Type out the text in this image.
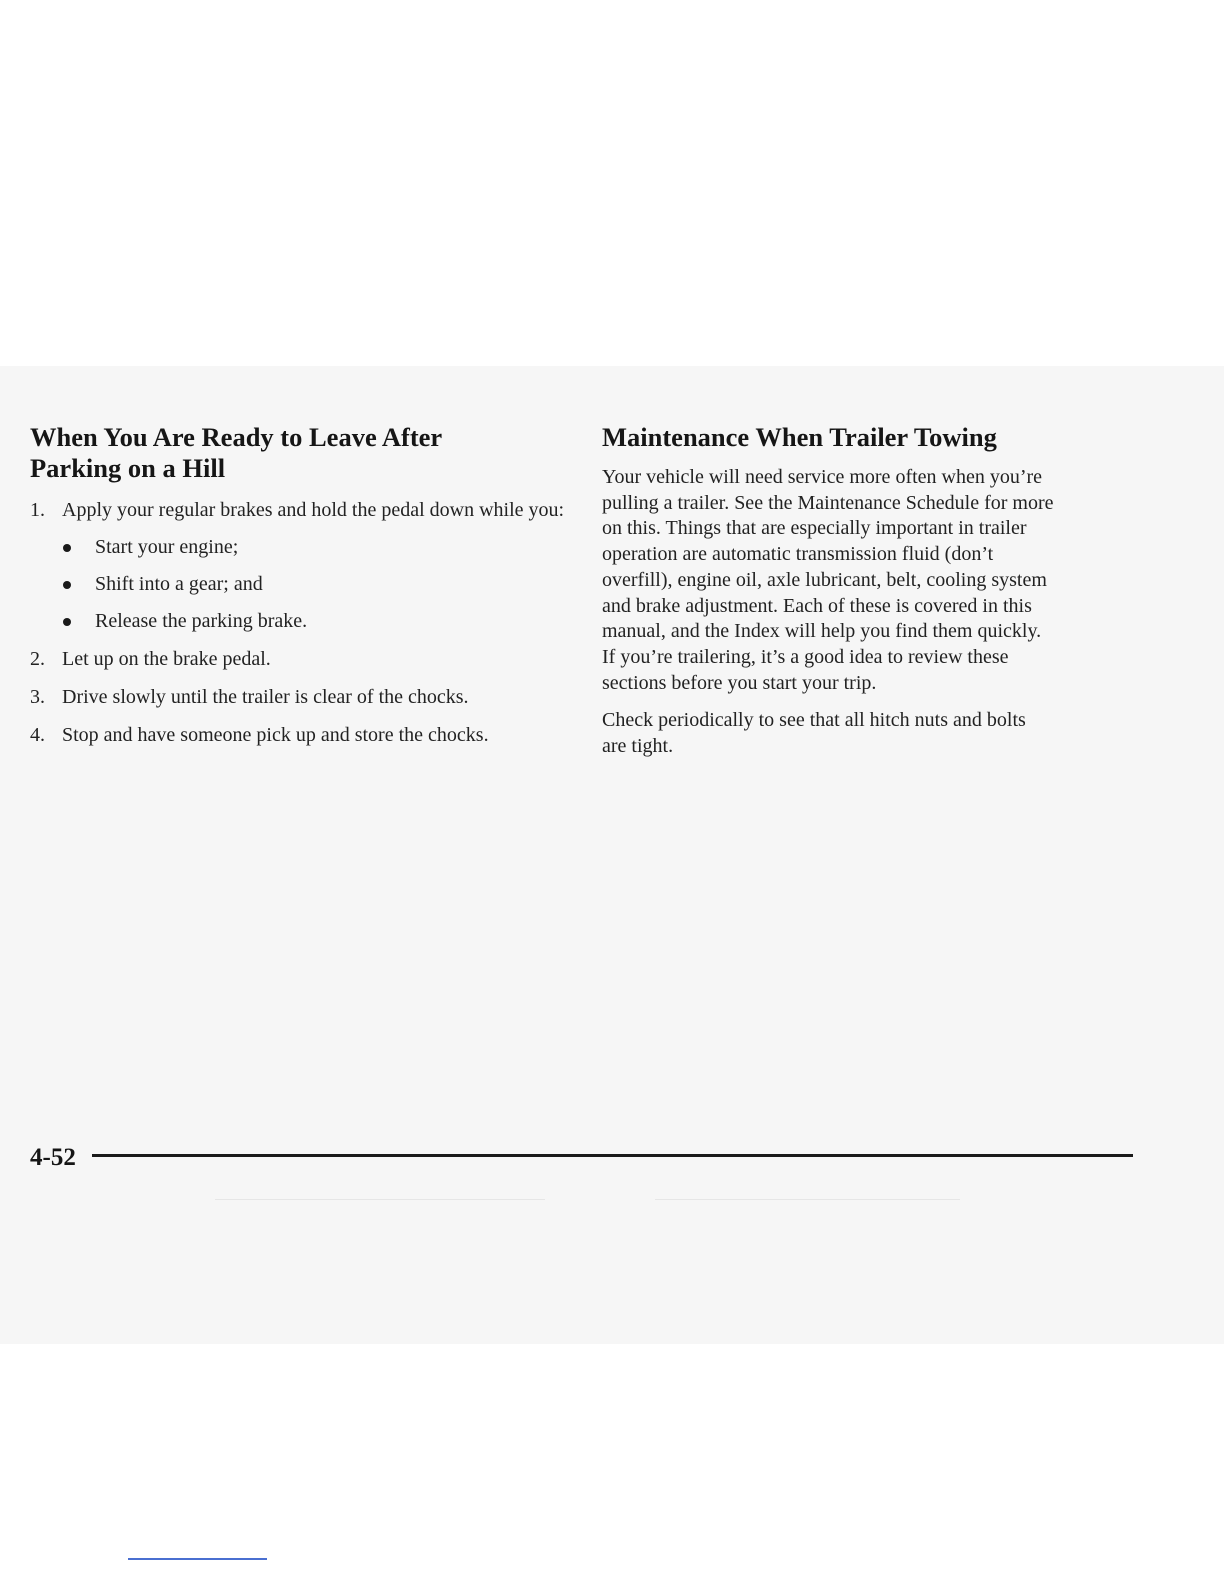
When You Are Ready to Leave After
Parking on a Hill
1. Apply your regular brakes and hold the pedal down while you:
Start your engine;
Shift into a gear; and
Release the parking brake.
2. Let up on the brake pedal.
3. Drive slowly until the trailer is clear of the chocks.
4. Stop and have someone pick up and store the chocks.
Maintenance When Trailer Towing

Your vehicle will need service more often when you’re
pulling a trailer. See the Maintenance Schedule for more
on this. Things that are especially important in trailer
operation are automatic transmission fluid (don’t
overfill), engine oil, axle lubricant, belt, cooling system
and brake adjustment. Each of these is covered in this
manual, and the Index will help you find them quickly.
If you’re trailering, it’s a good idea to review these
sections before you start your trip.

Check periodically to see that all hitch nuts and bolts
are tight.

4-52
